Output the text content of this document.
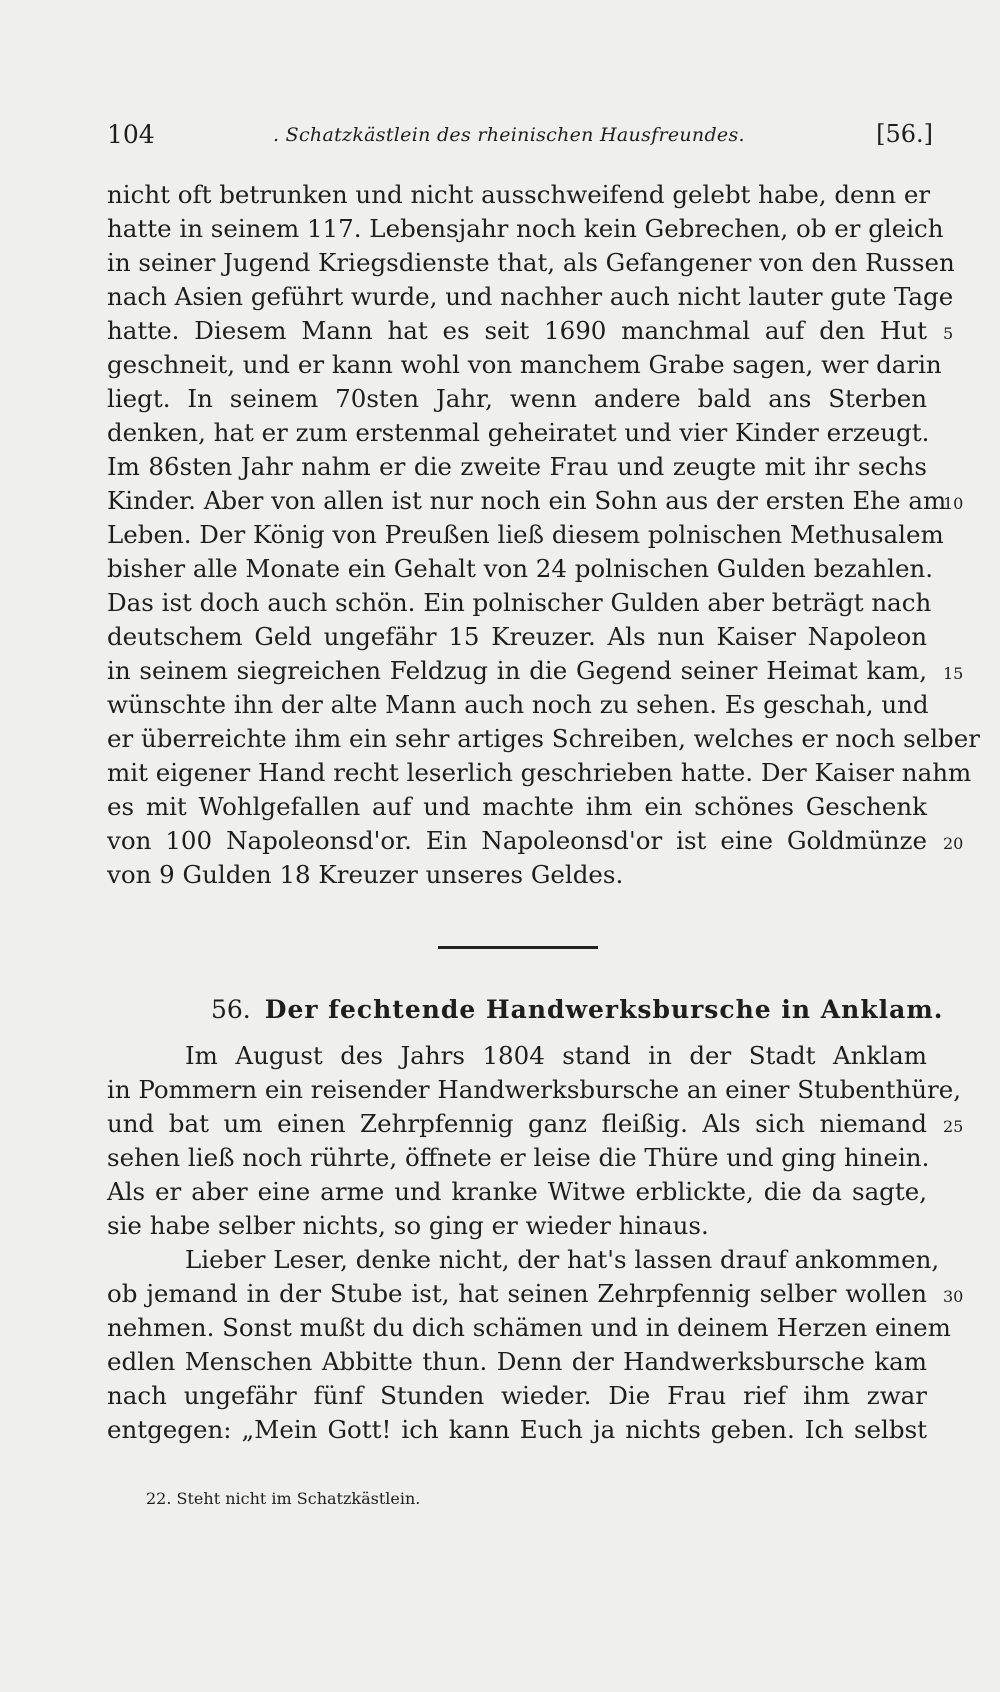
104	. Schatzkästlein des rheinischen Hausfreundes.	[56.]
nicht oft betrunken und nicht ausschweifend gelebt habe, denn er
hatte in seinem 117. Lebensjahr noch kein Gebrechen, ob er gleich
in seiner Jugend Kriegsdienste that, als Gefangener von den Russen
nach Asien geführt wurde, und nachher auch nicht lauter gute Tage
hatte. Diesem Mann hat es seit 1690 manchmal auf den Hut
geschneit, und er kann wohl von manchem Grabe sagen, wer darin
liegt. In seinem 70sten Jahr, wenn andere bald ans Sterben
denken, hat er zum erstenmal geheiratet und vier Kinder erzeugt.
Im 86sten Jahr nahm er die zweite Frau und zeugte mit ihr sechs
Kinder. Aber von allen ist nur noch ein Sohn aus der ersten Ehe am
Leben. Der König von Preußen ließ diesem polnischen Methusalem
bisher alle Monate ein Gehalt von 24 polnischen Gulden bezahlen.
Das ist doch auch schön. Ein polnischer Gulden aber beträgt nach
deutschem Geld ungefähr 15 Kreuzer. Als nun Kaiser Napoleon
in seinem siegreichen Feldzug in die Gegend seiner Heimat kam,
wünschte ihn der alte Mann auch noch zu sehen. Es geschah, und
er überreichte ihm ein sehr artiges Schreiben, welches er noch selber
mit eigener Hand recht leserlich geschrieben hatte. Der Kaiser nahm
es mit Wohlgefallen auf und machte ihm ein schönes Geschenk
von 100 Napoleonsd'or. Ein Napoleonsd'or ist eine Goldmünze
von 9 Gulden 18 Kreuzer unseres Geldes.
56. Der fechtende Handwerksbursche in Anklam.
Im August des Jahrs 1804 stand in der Stadt Anklam
in Pommern ein reisender Handwerksbursche an einer Stubenthüre,
und bat um einen Zehrpfennig ganz fleißig. Als sich niemand
sehen ließ noch rührte, öffnete er leise die Thüre und ging hinein.
Als er aber eine arme und kranke Witwe erblickte, die da sagte,
sie habe selber nichts, so ging er wieder hinaus.
Lieber Leser, denke nicht, der hat's lassen drauf ankommen,
ob jemand in der Stube ist, hat seinen Zehrpfennig selber wollen
nehmen. Sonst mußt du dich schämen und in deinem Herzen einem
edlen Menschen Abbitte thun. Denn der Handwerksbursche kam
nach ungefähr fünf Stunden wieder. Die Frau rief ihm zwar
entgegen: „Mein Gott! ich kann Euch ja nichts geben. Ich selbst
5
10
15
20
25
30
22. Steht nicht im Schatzkästlein.
